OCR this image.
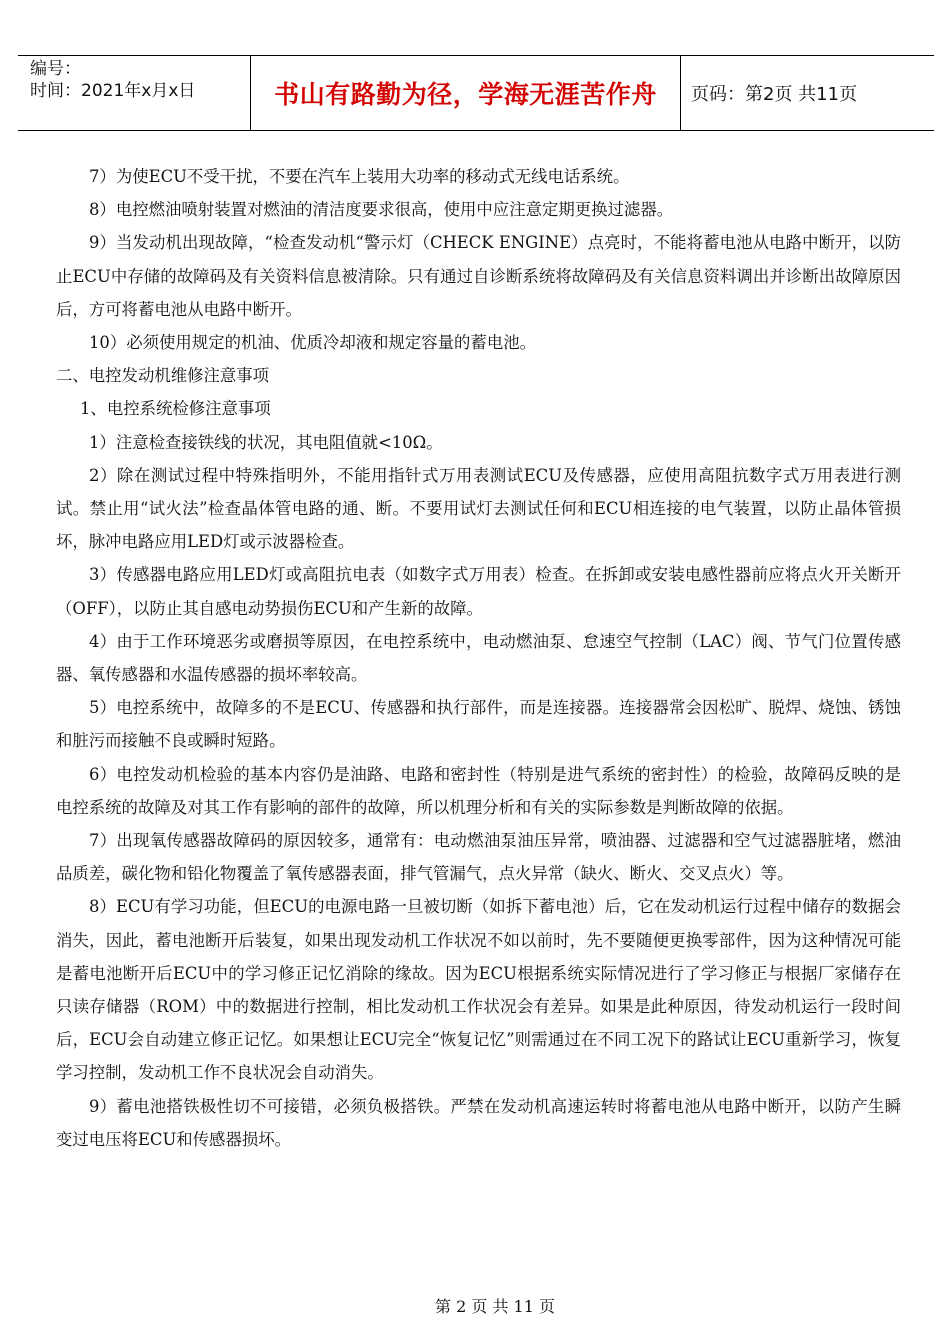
编号：
时间：2021年x月x日	书山有路勤为径，学海无涯苦作舟	页码：第2页 共11页

7）为使ECU不受干扰，不要在汽车上装用大功率的移动式无线电话系统。

8）电控燃油喷射装置对燃油的清洁度要求很高，使用中应注意定期更换过滤器。

9）当发动机出现故障，“检查发动机“警示灯（CHECK ENGINE）点亮时，不能将蓄电池从电路中断开，以防止ECU中存储的故障码及有关资料信息被清除。只有通过自诊断系统将故障码及有关信息资料调出并诊断出故障原因后，方可将蓄电池从电路中断开。

10）必须使用规定的机油、优质冷却液和规定容量的蓄电池。

二、电控发动机维修注意事项

1、电控系统检修注意事项

1）注意检查接铁线的状况，其电阻值就<10Ω。

2）除在测试过程中特殊指明外，不能用指针式万用表测试ECU及传感器，应使用高阻抗数字式万用表进行测试。禁止用“试火法”检查晶体管电路的通、断。不要用试灯去测试任何和ECU相连接的电气装置，以防止晶体管损坏，脉冲电路应用LED灯或示波器检查。

3）传感器电路应用LED灯或高阻抗电表（如数字式万用表）检查。在拆卸或安装电感性器前应将点火开关断开（OFF），以防止其自感电动势损伤ECU和产生新的故障。

4）由于工作环境恶劣或磨损等原因，在电控系统中，电动燃油泵、怠速空气控制（LAC）阀、节气门位置传感器、氧传感器和水温传感器的损坏率较高。

5）电控系统中，故障多的不是ECU、传感器和执行部件，而是连接器。连接器常会因松旷、脱焊、烧蚀、锈蚀和脏污而接触不良或瞬时短路。

6）电控发动机检验的基本内容仍是油路、电路和密封性（特别是进气系统的密封性）的检验，故障码反映的是电控系统的故障及对其工作有影响的部件的故障，所以机理分析和有关的实际参数是判断故障的依据。

7）出现氧传感器故障码的原因较多，通常有：电动燃油泵油压异常，喷油器、过滤器和空气过滤器脏堵，燃油品质差，碳化物和铅化物覆盖了氧传感器表面，排气管漏气，点火异常（缺火、断火、交叉点火）等。

8）ECU有学习功能，但ECU的电源电路一旦被切断（如拆下蓄电池）后，它在发动机运行过程中储存的数据会消失，因此，蓄电池断开后装复，如果出现发动机工作状况不如以前时，先不要随便更换零部件，因为这种情况可能是蓄电池断开后ECU中的学习修正记忆消除的缘故。因为ECU根据系统实际情况进行了学习修正与根据厂家储存在只读存储器（ROM）中的数据进行控制，相比发动机工作状况会有差异。如果是此种原因，待发动机运行一段时间后，ECU会自动建立修正记忆。如果想让ECU完全“恢复记忆”则需通过在不同工况下的路试让ECU重新学习，恢复学习控制，发动机工作不良状况会自动消失。

9）蓄电池搭铁极性切不可接错，必须负极搭铁。严禁在发动机高速运转时将蓄电池从电路中断开，以防产生瞬变过电压将ECU和传感器损坏。

第 2 页 共 11 页
